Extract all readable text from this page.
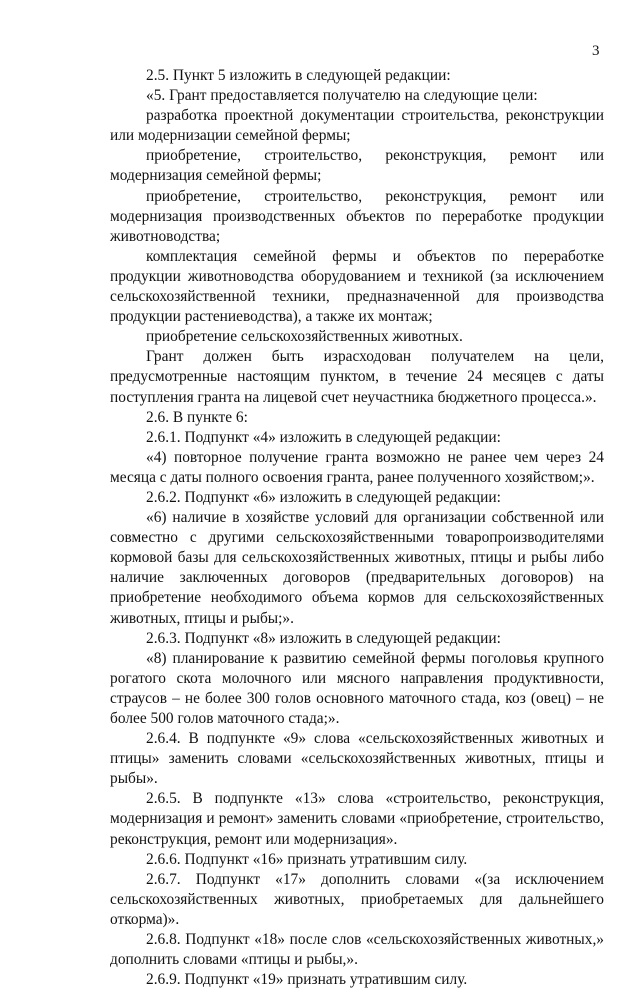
3

2.5. Пункт 5 изложить в следующей редакции:

«5. Грант предоставляется получателю на следующие цели:

разработка проектной документации строительства, реконструкции или модернизации семейной фермы;

приобретение, строительство, реконструкция, ремонт или модернизация семейной фермы;

приобретение, строительство, реконструкция, ремонт или модернизация производственных объектов по переработке продукции животноводства;

комплектация семейной фермы и объектов по переработке продукции животноводства оборудованием и техникой (за исключением сельскохозяйственной техники, предназначенной для производства продукции растениеводства), а также их монтаж;

приобретение сельскохозяйственных животных.

Грант должен быть израсходован получателем на цели, предусмотренные настоящим пунктом, в течение 24 месяцев с даты поступления гранта на лицевой счет неучастника бюджетного процесса.».

2.6. В пункте 6:

2.6.1. Подпункт «4» изложить в следующей редакции:

«4) повторное получение гранта возможно не ранее чем через 24 месяца с даты полного освоения гранта, ранее полученного хозяйством;».

2.6.2. Подпункт «6» изложить в следующей редакции:

«6) наличие в хозяйстве условий для организации собственной или совместно с другими сельскохозяйственными товаропроизводителями кормовой базы для сельскохозяйственных животных, птицы и рыбы либо наличие заключенных договоров (предварительных договоров) на приобретение необходимого объема кормов для сельскохозяйственных животных, птицы и рыбы;».

2.6.3. Подпункт «8» изложить в следующей редакции:

«8) планирование к развитию семейной фермы поголовья крупного рогатого скота молочного или мясного направления продуктивности, страусов – не более 300 голов основного маточного стада, коз (овец) – не более 500 голов маточного стада;».

2.6.4. В подпункте «9» слова «сельскохозяйственных животных и птицы» заменить словами «сельскохозяйственных животных, птицы и рыбы».

2.6.5. В подпункте «13» слова «строительство, реконструкция, модернизация и ремонт» заменить словами «приобретение, строительство, реконструкция, ремонт или модернизация».

2.6.6. Подпункт «16» признать утратившим силу.

2.6.7. Подпункт «17» дополнить словами «(за исключением сельскохозяйственных животных, приобретаемых для дальнейшего откорма)».

2.6.8. Подпункт «18» после слов «сельскохозяйственных животных,» дополнить словами «птицы и рыбы,».

2.6.9. Подпункт «19» признать утратившим силу.
